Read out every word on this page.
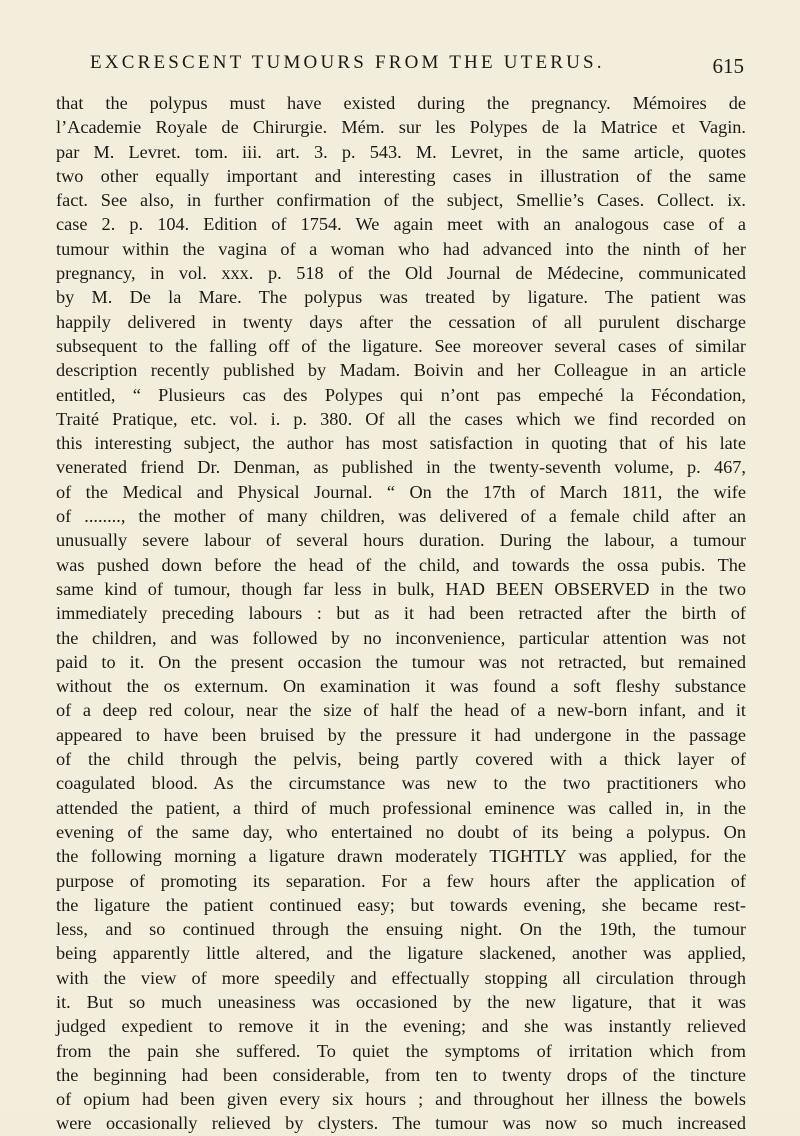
EXCRESCENT TUMOURS FROM THE UTERUS.	615
that the polypus must have existed during the pregnancy. Mémoires de
l’Academie Royale de Chirurgie. Mém. sur les Polypes de la Matrice et Vagin.
par M. Levret. tom. iii. art. 3. p. 543. M. Levret, in the same article, quotes
two other equally important and interesting cases in illustration of the same
fact. See also, in further confirmation of the subject, Smellie’s Cases. Collect. ix.
case 2. p. 104. Edition of 1754. We again meet with an analogous case of a
tumour within the vagina of a woman who had advanced into the ninth of her
pregnancy, in vol. xxx. p. 518 of the Old Journal de Médecine, communicated
by M. De la Mare. The polypus was treated by ligature. The patient was
happily delivered in twenty days after the cessation of all purulent discharge
subsequent to the falling off of the ligature. See moreover several cases of similar
description recently published by Madam. Boivin and her Colleague in an article
entitled, “ Plusieurs cas des Polypes qui n’ont pas empeché la Fécondation,
Traité Pratique, etc. vol. i. p. 380. Of all the cases which we find recorded on
this interesting subject, the author has most satisfaction in quoting that of his late
venerated friend Dr. Denman, as published in the twenty-seventh volume, p. 467,
of the Medical and Physical Journal. “ On the 17th of March 1811, the wife
of ........, the mother of many children, was delivered of a female child after an
unusually severe labour of several hours duration. During the labour, a tumour
was pushed down before the head of the child, and towards the ossa pubis. The
same kind of tumour, though far less in bulk, HAD BEEN OBSERVED in the two
immediately preceding labours : but as it had been retracted after the birth of
the children, and was followed by no inconvenience, particular attention was not
paid to it. On the present occasion the tumour was not retracted, but remained
without the os externum. On examination it was found a soft fleshy substance
of a deep red colour, near the size of half the head of a new-born infant, and it
appeared to have been bruised by the pressure it had undergone in the passage
of the child through the pelvis, being partly covered with a thick layer of
coagulated blood. As the circumstance was new to the two practitioners who
attended the patient, a third of much professional eminence was called in, in the
evening of the same day, who entertained no doubt of its being a polypus. On
the following morning a ligature drawn moderately TIGHTLY was applied, for the
purpose of promoting its separation. For a few hours after the application of
the ligature the patient continued easy; but towards evening, she became rest-
less, and so continued through the ensuing night. On the 19th, the tumour
being apparently little altered, and the ligature slackened, another was applied,
with the view of more speedily and effectually stopping all circulation through
it. But so much uneasiness was occasioned by the new ligature, that it was
judged expedient to remove it in the evening; and she was instantly relieved
from the pain she suffered. To quiet the symptoms of irritation which from
the beginning had been considerable, from ten to twenty drops of the tincture
of opium had been given every six hours ; and throughout her illness the bowels
were occasionally relieved by clysters. The tumour was now so much increased
